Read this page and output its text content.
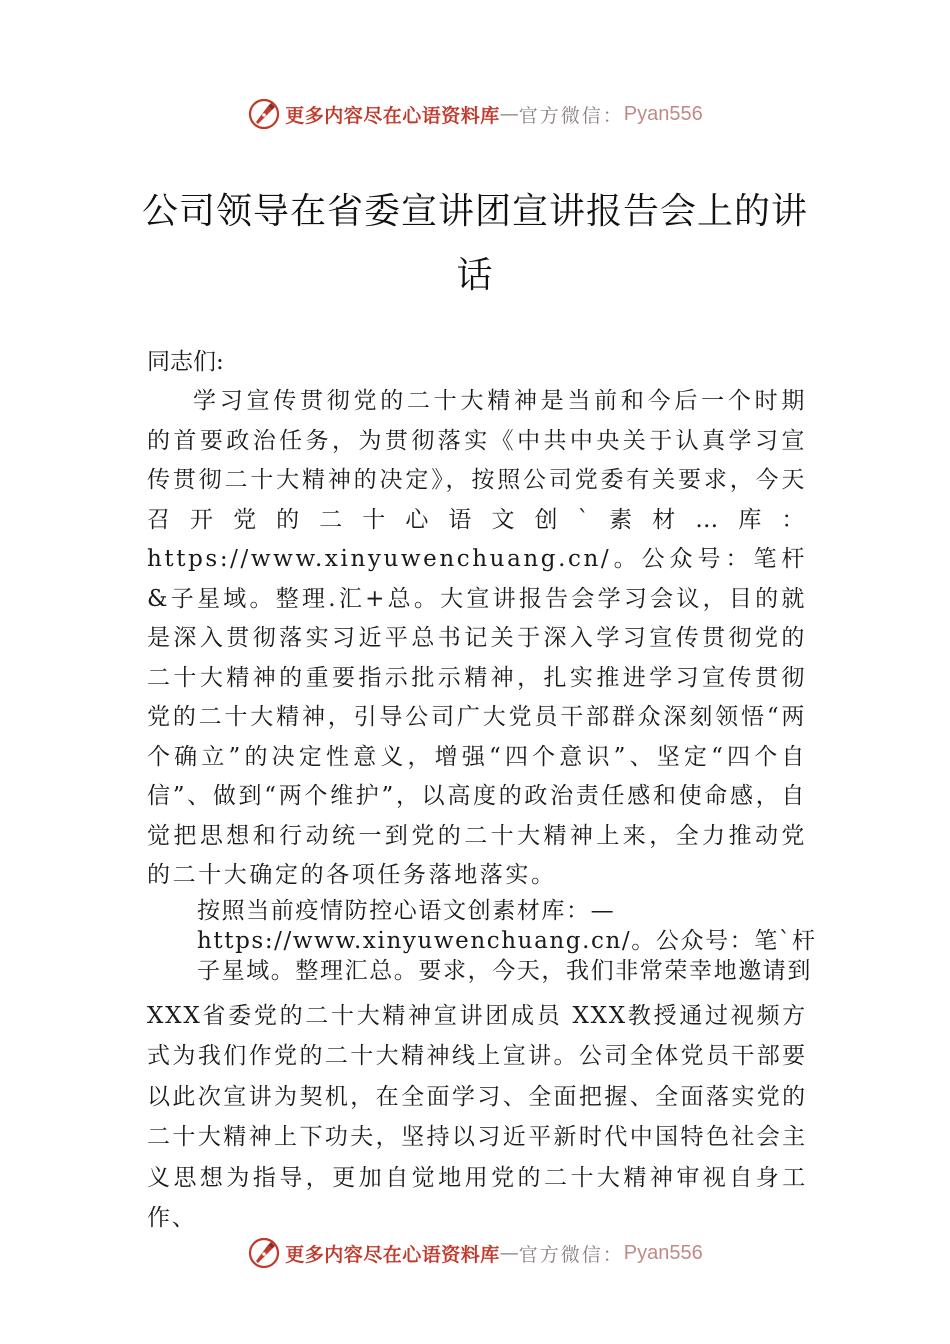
更多内容尽在心语资料库 — 官方微信： Pyan556
公司领导在省委宣讲团宣讲报告会上的讲话

同志们:

学习宣传贯彻党的二十大精神是当前和今后一个时期的首要政治任务，为贯彻落实《中共中央关于认真学习宣传贯彻二十大精神的决定》，按照公司党委有关要求，今天召开党的二十心语文创`素材…库：https://www.xinyuwenchuang.cn/。公众号：笔杆&子星域。整理.汇+总。大宣讲报告会学习会议，目的就是深入贯彻落实习近平总书记关于深入学习宣传贯彻党的二十大精神的重要指示批示精神，扎实推进学习宣传贯彻党的二十大精神，引导公司广大党员干部群众深刻领悟“两个确立”的决定性意义，增强“四个意识”、坚定“四个自信”、做到“两个维护”，以高度的政治责任感和使命感，自觉把思想和行动统一到党的二十大精神上来，全力推动党的二十大确定的各项任务落地落实。

按照当前疫情防控心语文创素材库：—https://www.xinyuwenchuang.cn/。公众号：笔`杆子星域。整理汇总。要求，今天，我们非常荣幸地邀请到

XXX省委党的二十大精神宣讲团成员 XXX教授通过视频方式为我们作党的二十大精神线上宣讲。公司全体党员干部要以此次宣讲为契机，在全面学习、全面把握、全面落实党的二十大精神上下功夫，坚持以习近平新时代中国特色社会主义思想为指导，更加自觉地用党的二十大精神审视自身工作、

更多内容尽在心语资料库 — 官方微信： Pyan556
